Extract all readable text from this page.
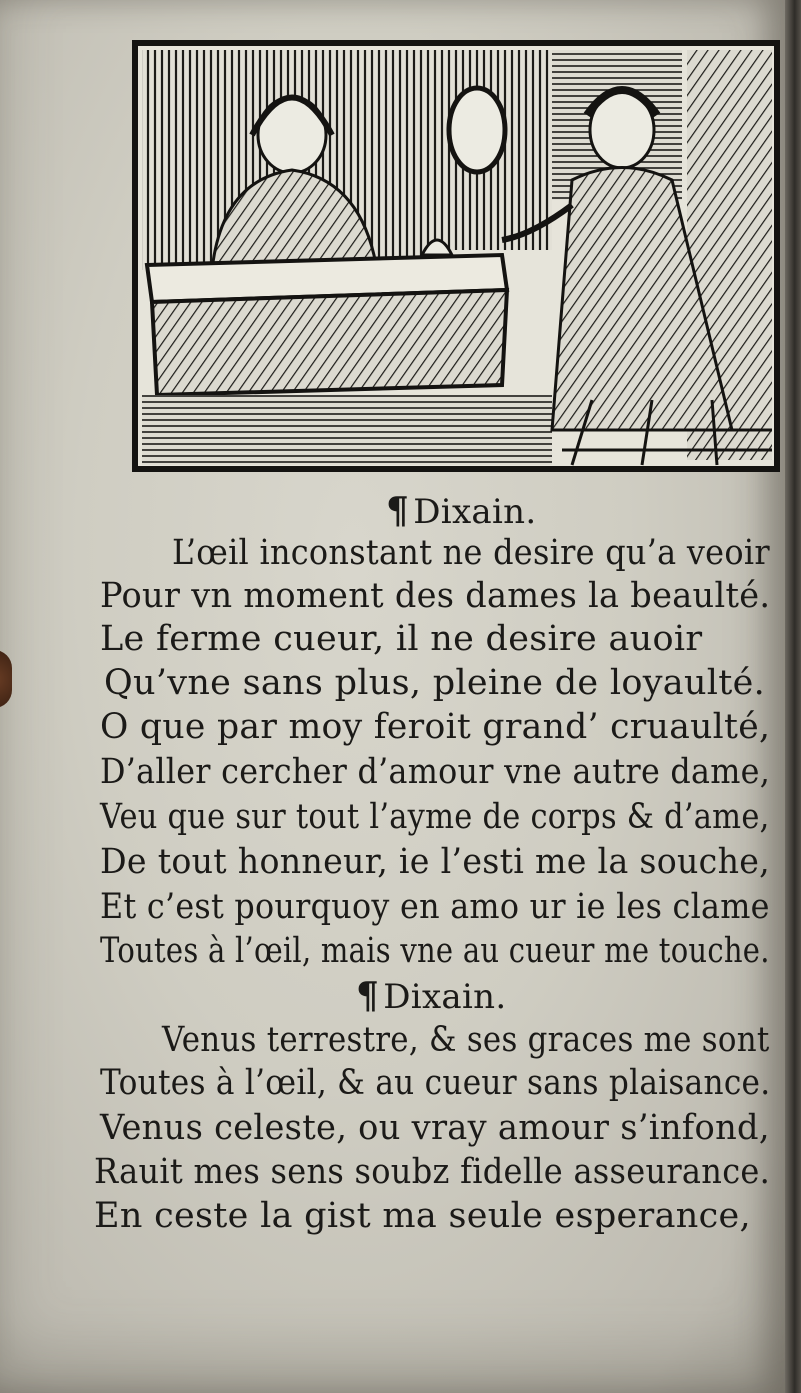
¶ Dixain.
L’œil inconstant ne desire qu’a veoir
Pour vn moment des dames la beaulté.
Le ferme cueur, il ne desire auoir
Qu’vne sans plus, pleine de loyaulté.
O que par moy feroit grand’ cruaulté,
D’aller cercher d’amour vne autre dame,
Veu que sur tout l’ayme de corps & d’ame,
De tout honneur, ie l’esti me la souche,
Et c’est pourquoy en amo ur ie les clame
Toutes à l’œil, mais vne au cueur me touche.
¶ Dixain.
Venus terrestre, & ses graces me sont
Toutes à l’œil, & au cueur sans plaisance.
Venus celeste, ou vray amour s’infond,
Rauit mes sens soubz fidelle asseurance.
En ceste la gist ma seule esperance,
